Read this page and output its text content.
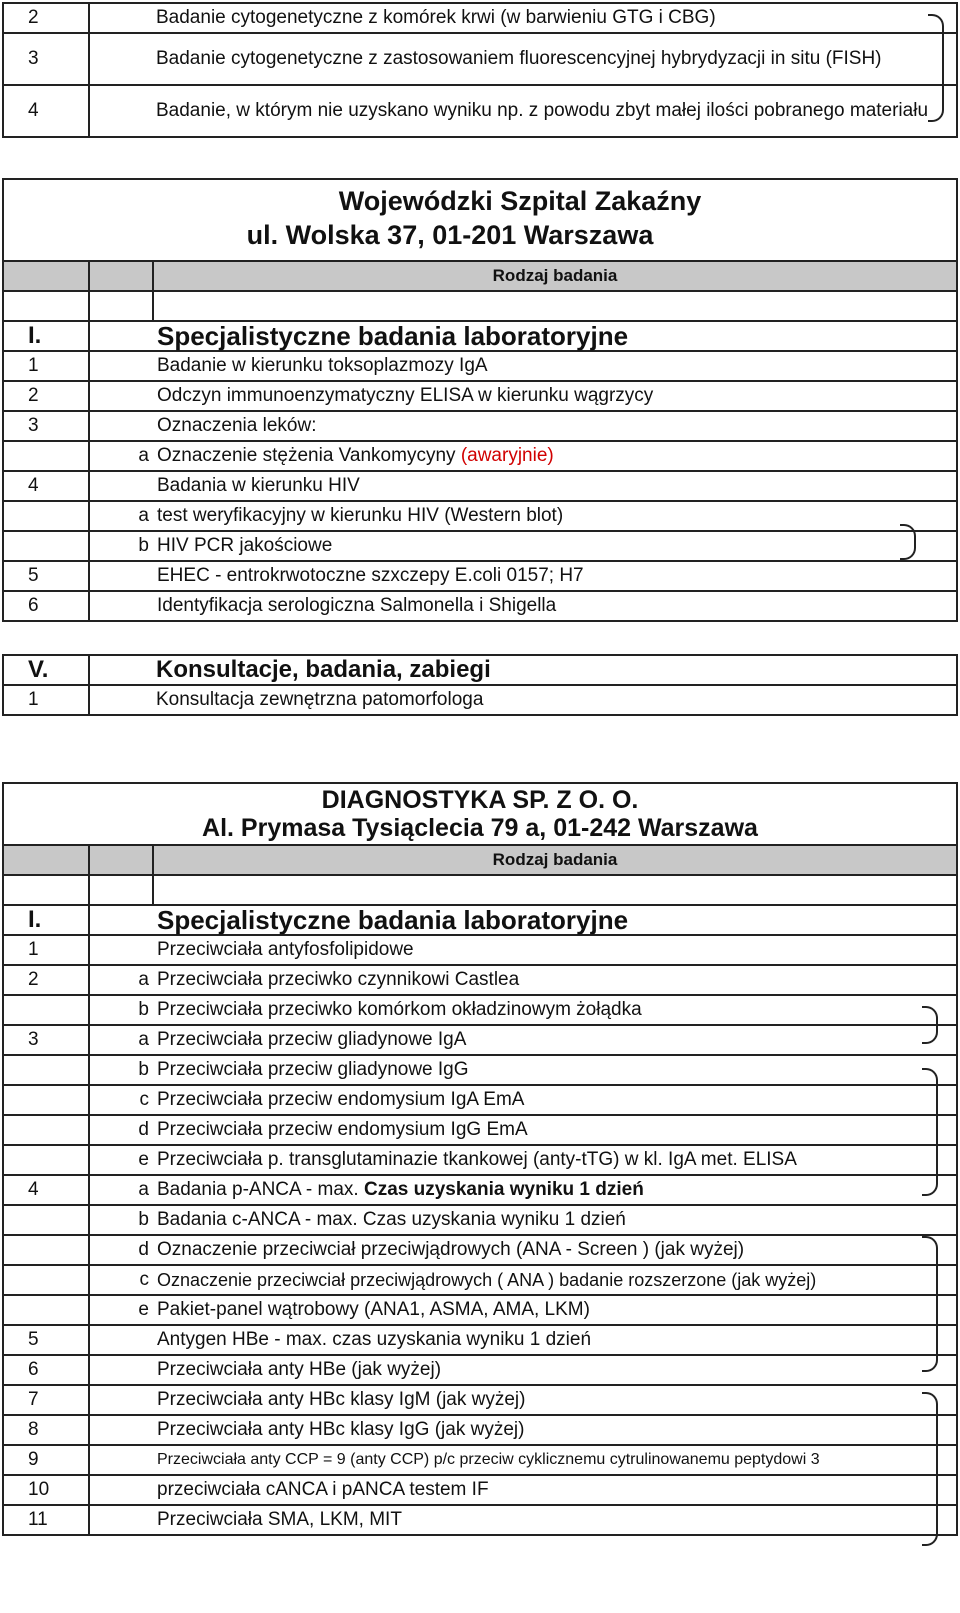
2		Badanie cytogenetyczne z komórek krwi (w barwieniu GTG i CBG)
3		Badanie cytogenetyczne z zastosowaniem fluorescencyjnej hybrydyzacji in situ (FISH)
4		Badanie, w którym nie uzyskano wyniku np. z powodu zbyt małej ilości pobranego materiału
Wojewódzki Szpital Zakaźny
ul. Wolska 37, 01-201 Warszawa
		Rodzaj badania

I.		Specjalistyczne badania laboratoryjne
1		Badanie w kierunku toksoplazmozy IgA
2		Odczyn immunoenzymatyczny ELISA w kierunku wągrzycy
3		Oznaczenia leków:
	a	Oznaczenie stężenia Vankomycyny (awaryjnie)
4		Badania w kierunku HIV
	a	test weryfikacyjny w kierunku HIV (Western blot)
	b	HIV PCR jakościowe
5		EHEC - entrokrwotoczne szxczepy E.coli 0157; H7
6		Identyfikacja serologiczna Salmonella i Shigella
V.		Konsultacje, badania, zabiegi
1		Konsultacja zewnętrzna patomorfologa
DIAGNOSTYKA SP. Z O. O.
Al. Prymasa Tysiąclecia 79 a, 01-242 Warszawa
		Rodzaj badania

I.		Specjalistyczne badania laboratoryjne
1		Przeciwciała antyfosfolipidowe
2	a	Przeciwciała przeciwko czynnikowi Castlea
	b	Przeciwciała przeciwko komórkom okładzinowym żołądka
3	a	Przeciwciała przeciw gliadynowe IgA
	b	Przeciwciała przeciw gliadynowe IgG
	c	Przeciwciała przeciw endomysium IgA EmA
	d	Przeciwciała przeciw endomysium IgG EmA
	e	Przeciwciała p. transglutaminazie tkankowej (anty-tTG) w kl. IgA met. ELISA
4	a	Badania p-ANCA - max. Czas uzyskania wyniku 1 dzień
	b	Badania c-ANCA - max. Czas uzyskania wyniku 1 dzień
	d	Oznaczenie przeciwciał przeciwjądrowych (ANA - Screen ) (jak wyżej)
	c	Oznaczenie przeciwciał przeciwjądrowych ( ANA ) badanie rozszerzone (jak wyżej)
	e	Pakiet-panel wątrobowy (ANA1, ASMA, AMA, LKM)
5		Antygen HBe - max. czas uzyskania wyniku 1 dzień
6		Przeciwciała anty HBe (jak wyżej)
7		Przeciwciała anty HBc klasy IgM (jak wyżej)
8		Przeciwciała anty HBc klasy IgG (jak wyżej)
9		Przeciwciała anty CCP = 9 (anty CCP) p/c przeciw cyklicznemu cytrulinowanemu peptydowi 3
10		przeciwciała cANCA i pANCA testem IF
11		Przeciwciała SMA, LKM, MIT
